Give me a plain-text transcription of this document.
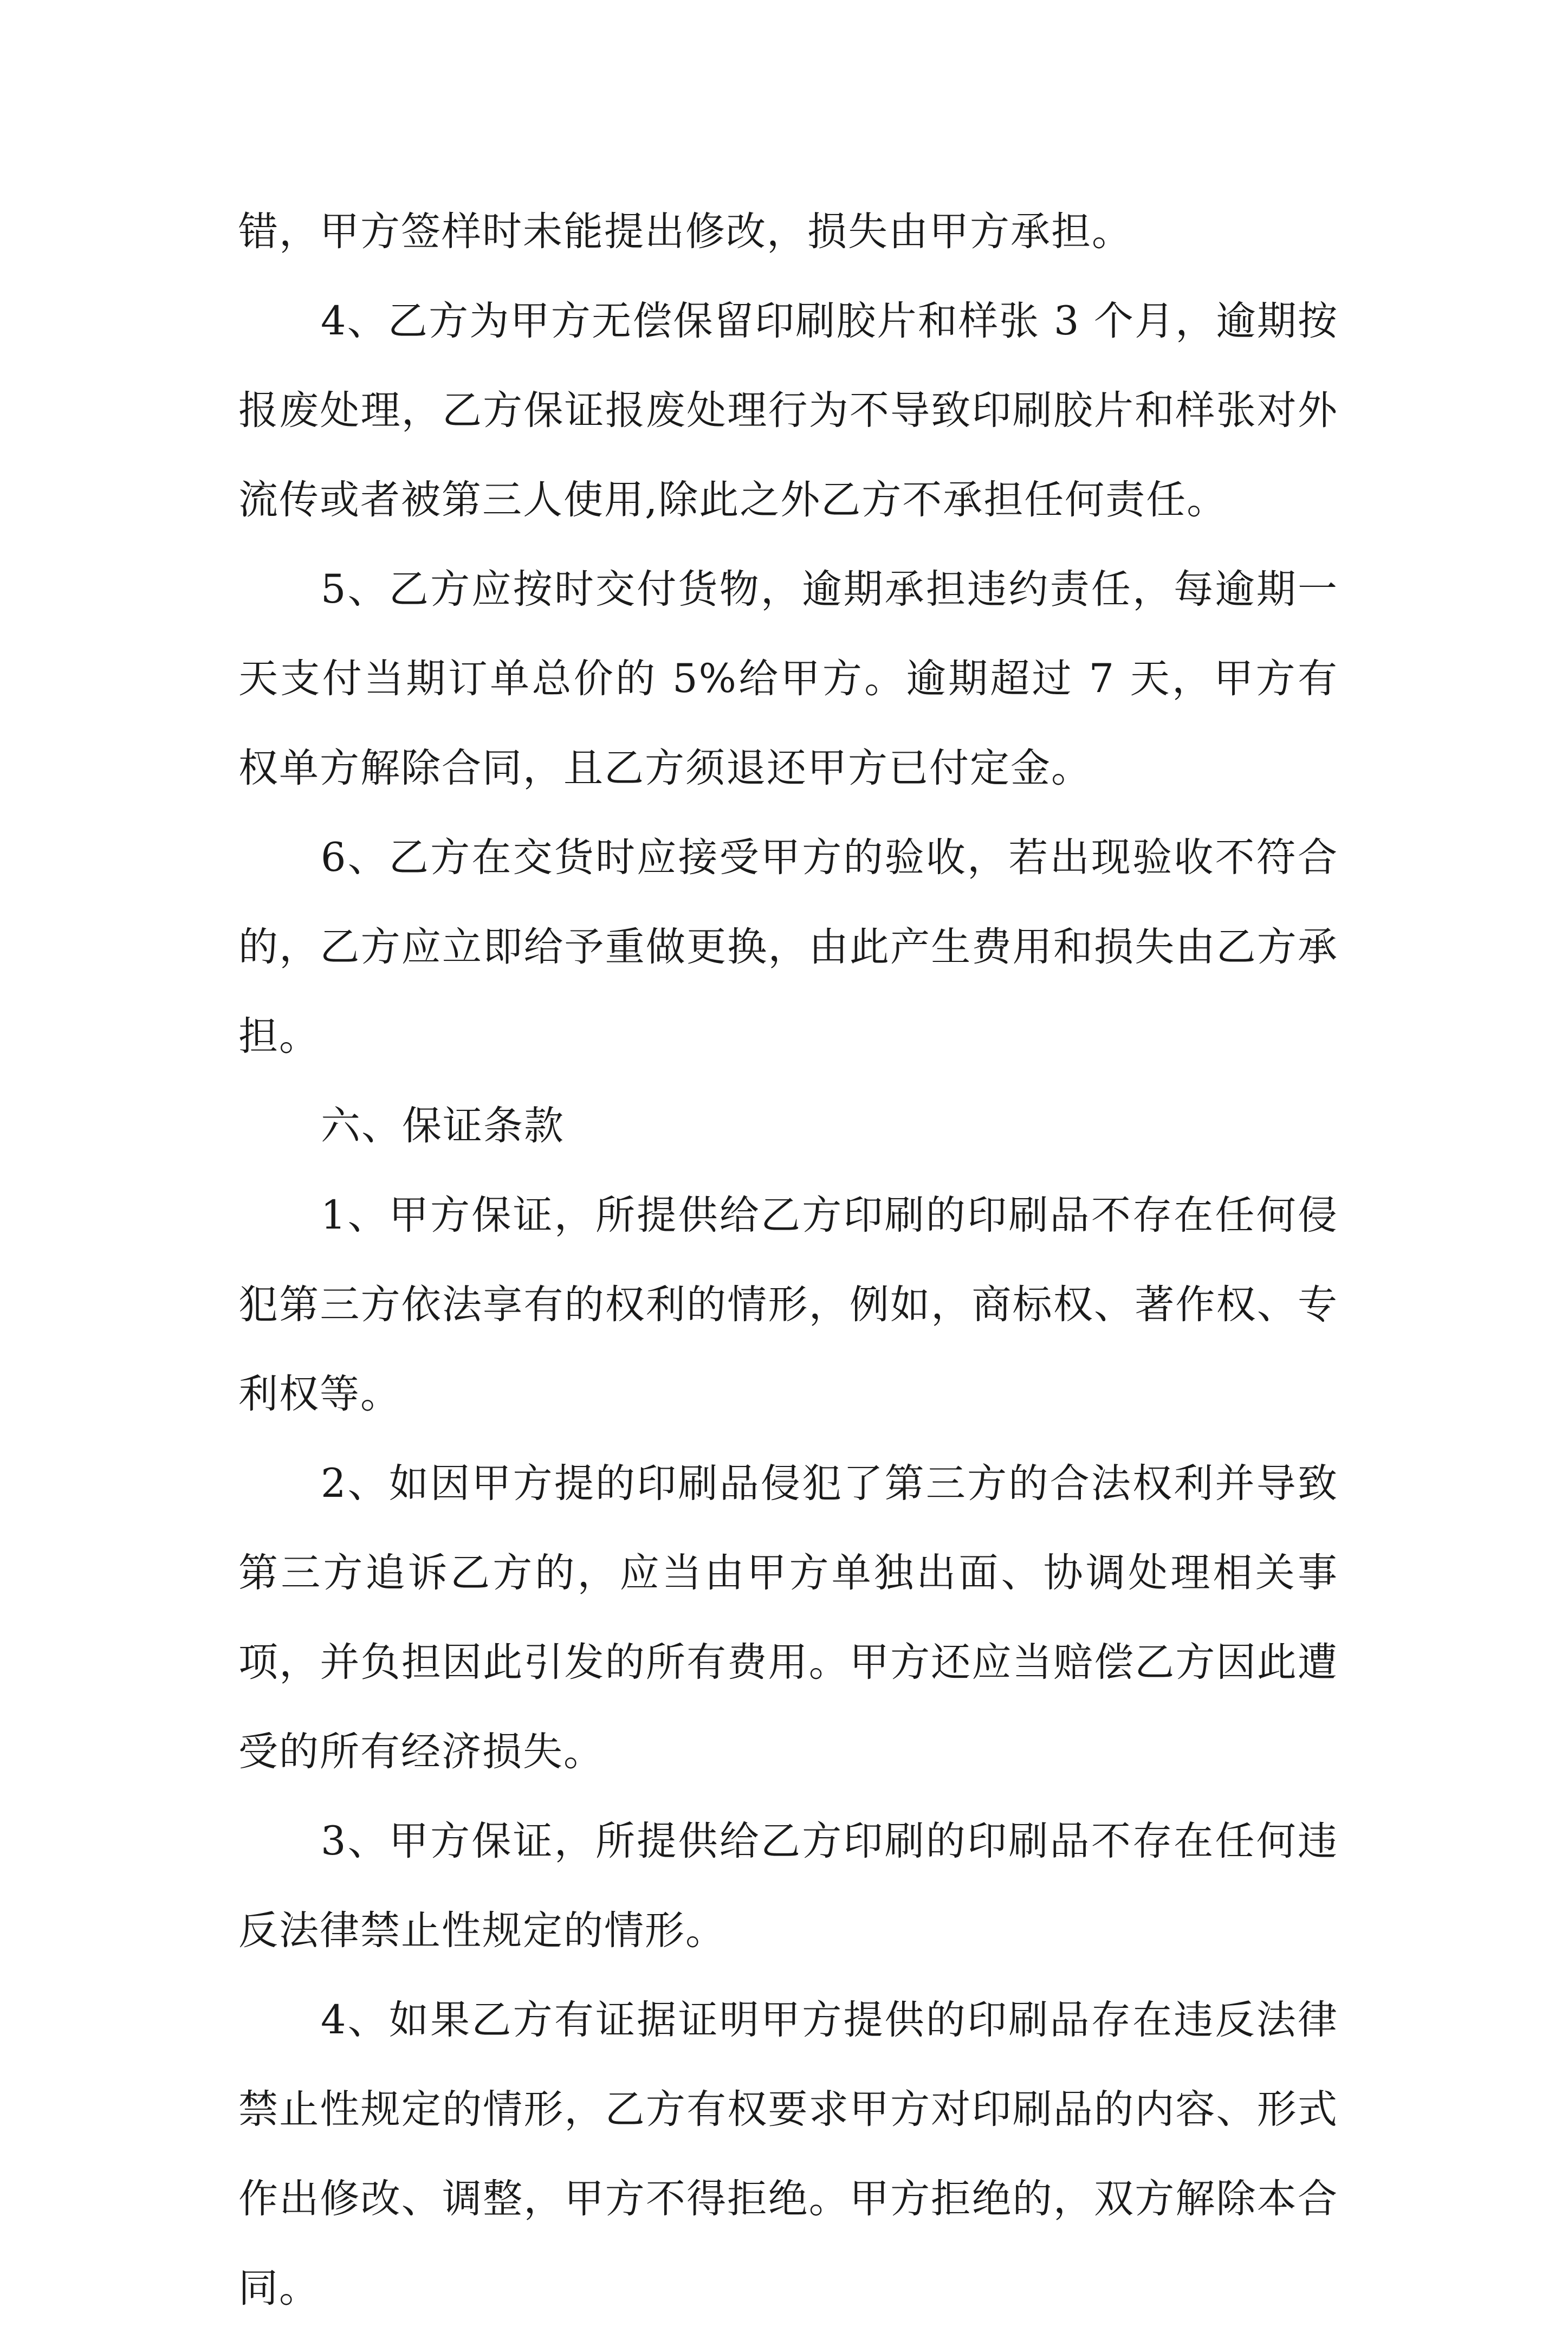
错，甲方签样时未能提出修改，损失由甲方承担。

4、乙方为甲方无偿保留印刷胶片和样张 3 个月，逾期按报废处理，乙方保证报废处理行为不导致印刷胶片和样张对外流传或者被第三人使用,除此之外乙方不承担任何责任。

5、乙方应按时交付货物，逾期承担违约责任，每逾期一天支付当期订单总价的 5%给甲方。逾期超过 7 天，甲方有权单方解除合同，且乙方须退还甲方已付定金。

6、乙方在交货时应接受甲方的验收，若出现验收不符合的，乙方应立即给予重做更换，由此产生费用和损失由乙方承担。

六、保证条款

1、甲方保证，所提供给乙方印刷的印刷品不存在任何侵犯第三方依法享有的权利的情形，例如，商标权、著作权、专利权等。

2、如因甲方提的印刷品侵犯了第三方的合法权利并导致第三方追诉乙方的，应当由甲方单独出面、协调处理相关事项，并负担因此引发的所有费用。甲方还应当赔偿乙方因此遭受的所有经济损失。

3、甲方保证，所提供给乙方印刷的印刷品不存在任何违反法律禁止性规定的情形。

4、如果乙方有证据证明甲方提供的印刷品存在违反法律禁止性规定的情形，乙方有权要求甲方对印刷品的内容、形式作出修改、调整，甲方不得拒绝。甲方拒绝的，双方解除本合同。
